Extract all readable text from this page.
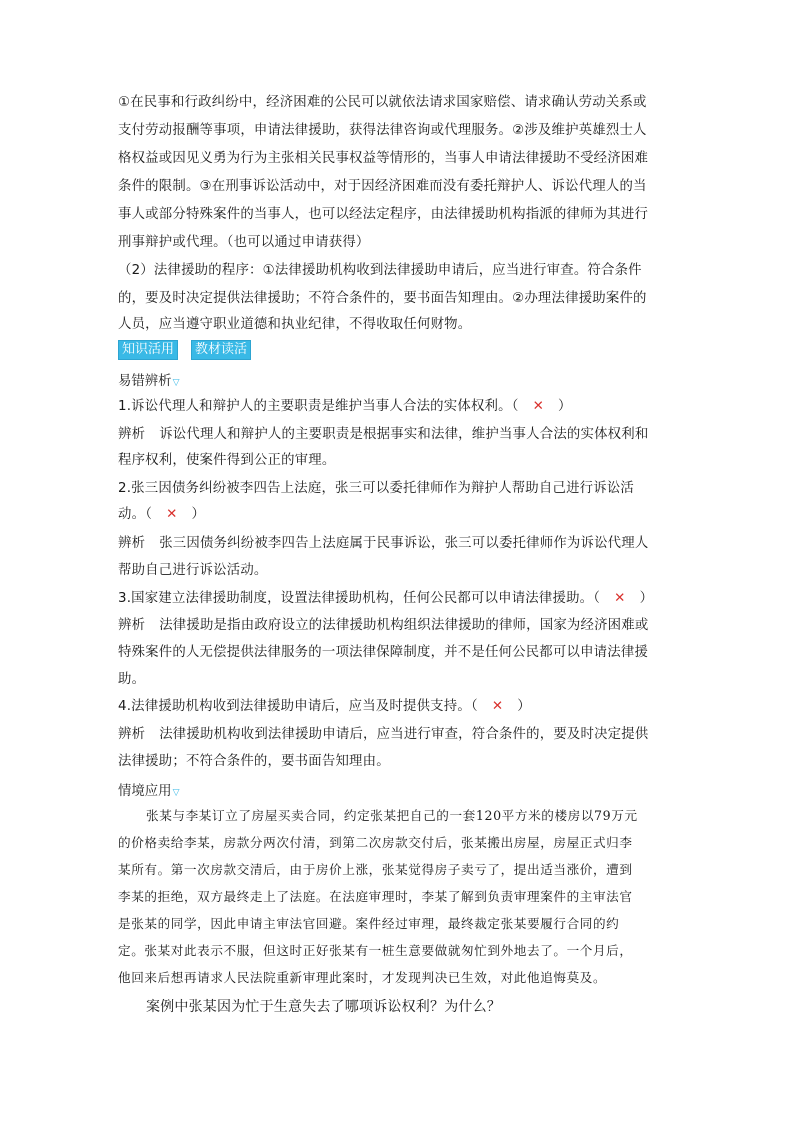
①在民事和行政纠纷中，经济困难的公民可以就依法请求国家赔偿、请求确认劳动关系或
支付劳动报酬等事项，申请法律援助，获得法律咨询或代理服务。②涉及维护英雄烈士人
格权益或因见义勇为行为主张相关民事权益等情形的，当事人申请法律援助不受经济困难
条件的限制。③在刑事诉讼活动中，对于因经济困难而没有委托辩护人、诉讼代理人的当
事人或部分特殊案件的当事人，也可以经法定程序，由法律援助机构指派的律师为其进行
刑事辩护或代理。（也可以通过申请获得）
（2）法律援助的程序：①法律援助机构收到法律援助申请后，应当进行审查。符合条件
的，要及时决定提供法律援助；不符合条件的，要书面告知理由。②办理法律援助案件的
人员，应当遵守职业道德和执业纪律，不得收取任何财物。
知识活用	教材读活
易错辨析▽
1.诉讼代理人和辩护人的主要职责是维护当事人合法的实体权利。（ ✕ ）
辨析 诉讼代理人和辩护人的主要职责是根据事实和法律，维护当事人合法的实体权利和
程序权利，使案件得到公正的审理。
2.张三因债务纠纷被李四告上法庭，张三可以委托律师作为辩护人帮助自己进行诉讼活
动。（ ✕ ）
辨析 张三因债务纠纷被李四告上法庭属于民事诉讼，张三可以委托律师作为诉讼代理人
帮助自己进行诉讼活动。
3.国家建立法律援助制度，设置法律援助机构，任何公民都可以申请法律援助。（ ✕ ）
辨析 法律援助是指由政府设立的法律援助机构组织法律援助的律师，国家为经济困难或
特殊案件的人无偿提供法律服务的一项法律保障制度，并不是任何公民都可以申请法律援
助。
4.法律援助机构收到法律援助申请后，应当及时提供支持。（ ✕ ）
辨析 法律援助机构收到法律援助申请后，应当进行审查，符合条件的，要及时决定提供
法律援助；不符合条件的，要书面告知理由。
情境应用▽
张某与李某订立了房屋买卖合同，约定张某把自己的一套120平方米的楼房以79万元
的价格卖给李某，房款分两次付清，到第二次房款交付后，张某搬出房屋，房屋正式归李
某所有。第一次房款交清后，由于房价上涨，张某觉得房子卖亏了，提出适当涨价，遭到
李某的拒绝，双方最终走上了法庭。在法庭审理时，李某了解到负责审理案件的主审法官
是张某的同学，因此申请主审法官回避。案件经过审理，最终裁定张某要履行合同的约
定。张某对此表示不服，但这时正好张某有一桩生意要做就匆忙到外地去了。一个月后，
他回来后想再请求人民法院重新审理此案时，才发现判决已生效，对此他追悔莫及。
案例中张某因为忙于生意失去了哪项诉讼权利？为什么？
